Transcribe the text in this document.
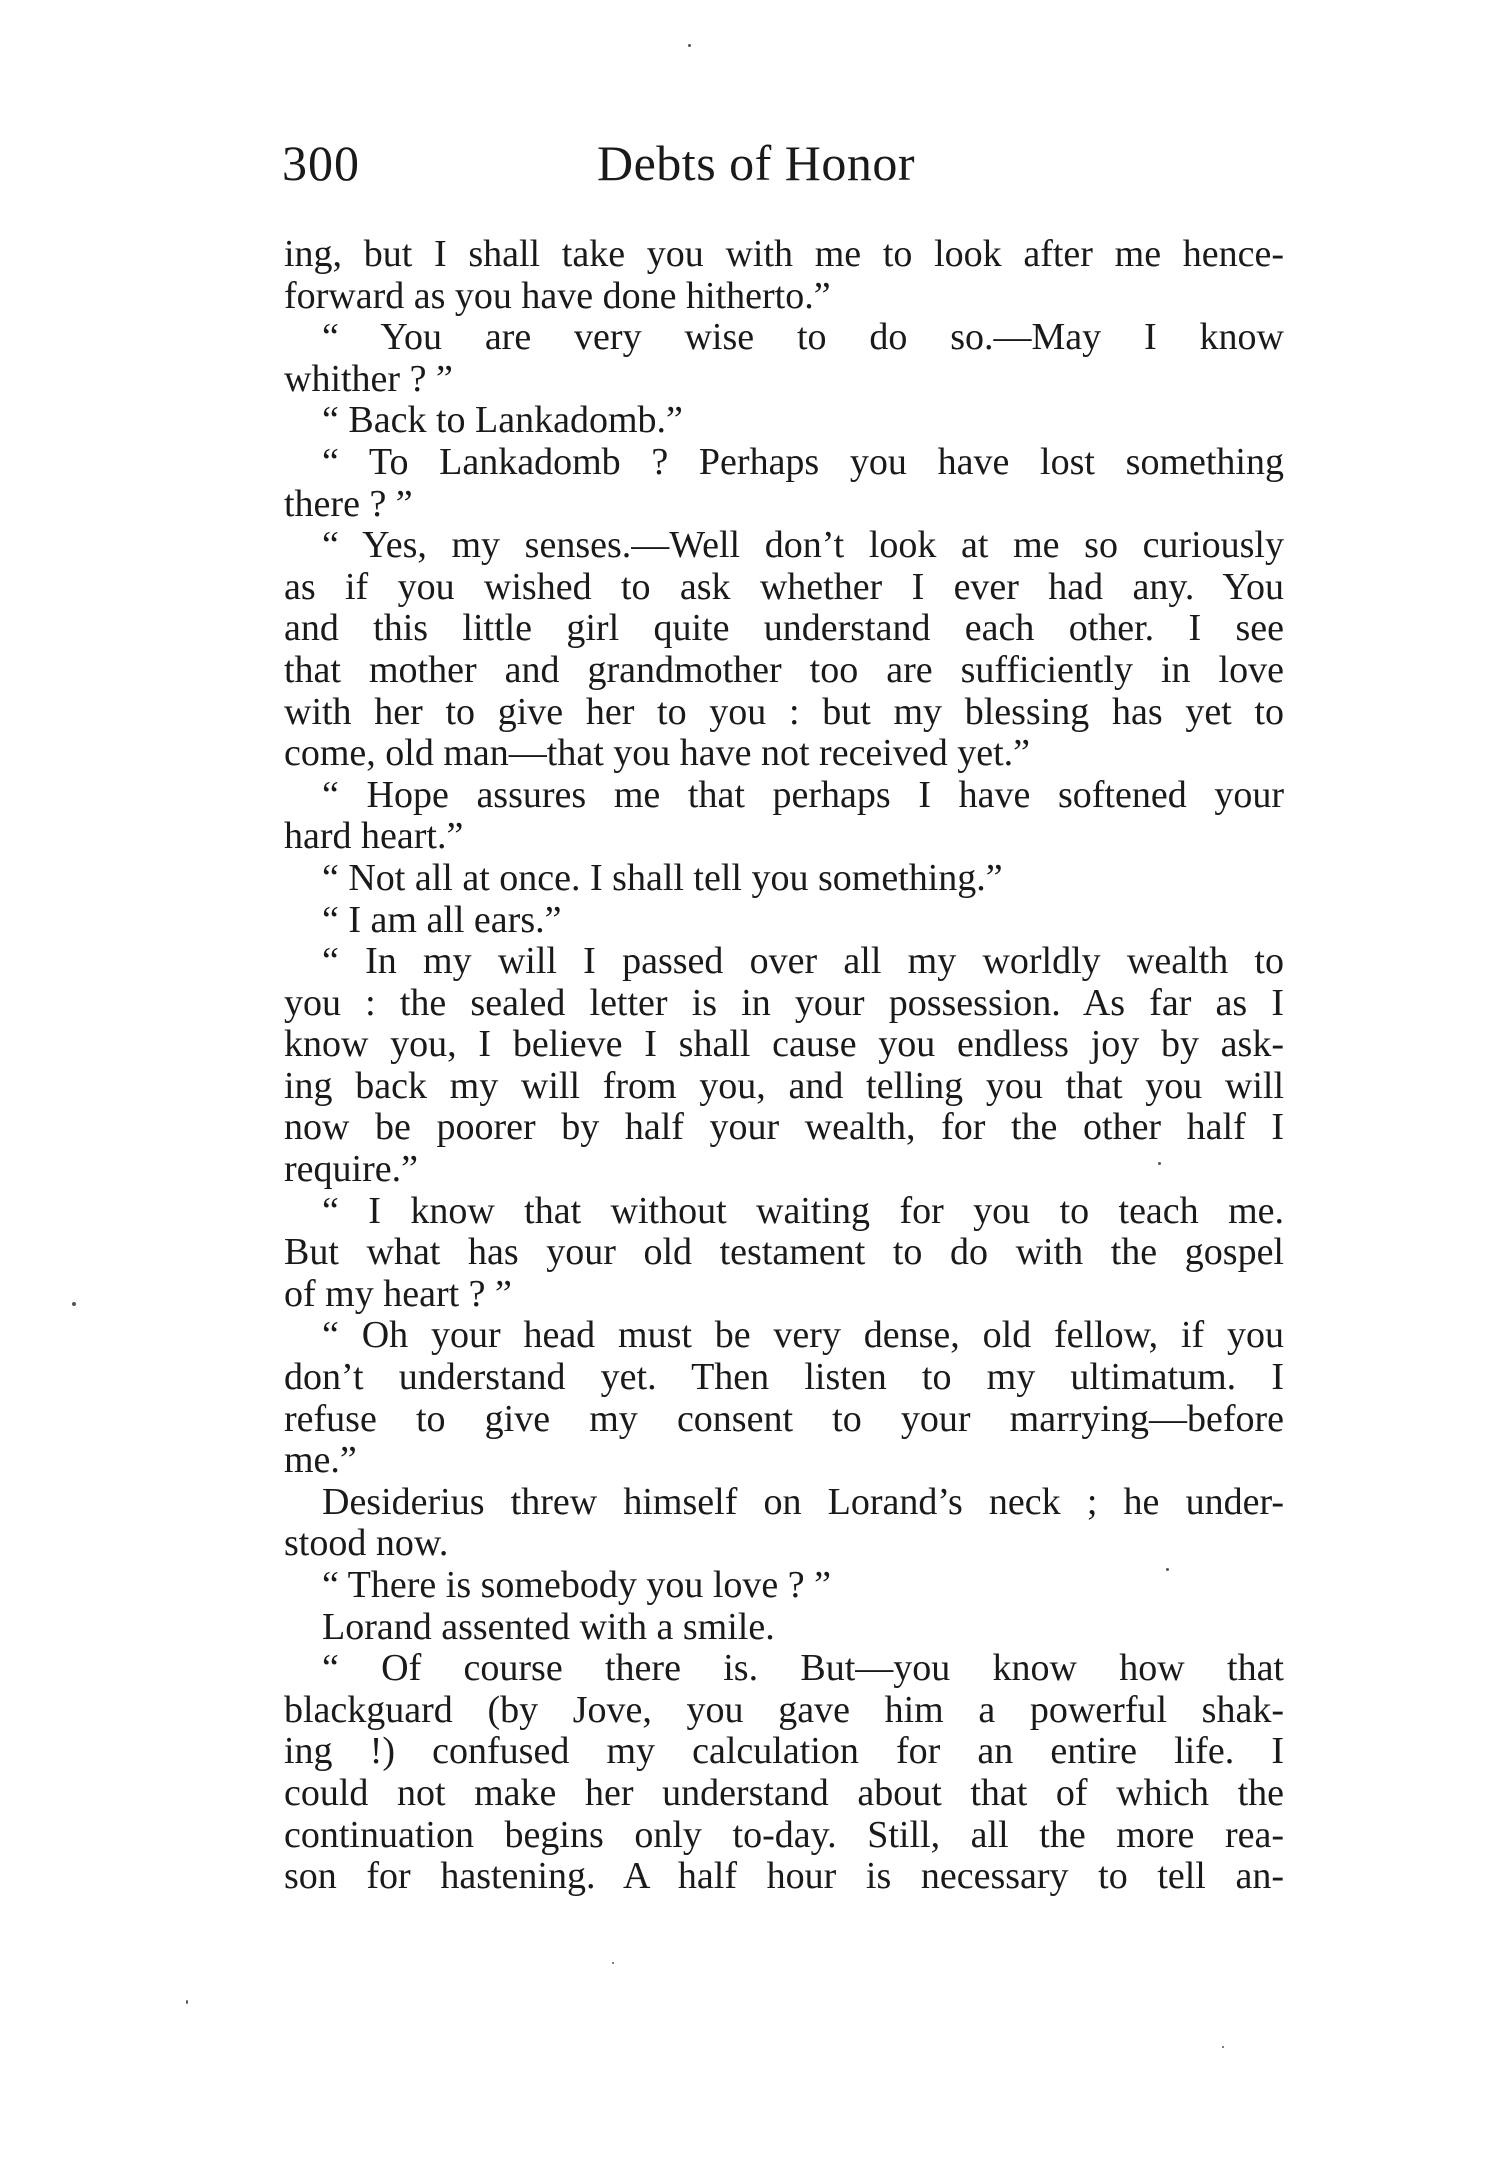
300	Debts of Honor
ing, but I shall take you with me to look after me hence-
forward as you have done hitherto.”
“ You are very wise to do so.—May I know
whither ? ”
“ Back to Lankadomb.”
“ To Lankadomb ? Perhaps you have lost something
there ? ”
“ Yes, my senses.—Well don’t look at me so curiously
as if you wished to ask whether I ever had any. You
and this little girl quite understand each other. I see
that mother and grandmother too are sufficiently in love
with her to give her to you : but my blessing has yet to
come, old man—that you have not received yet.”
“ Hope assures me that perhaps I have softened your
hard heart.”
“ Not all at once. I shall tell you something.”
“ I am all ears.”
“ In my will I passed over all my worldly wealth to
you : the sealed letter is in your possession. As far as I
know you, I believe I shall cause you endless joy by ask-
ing back my will from you, and telling you that you will
now be poorer by half your wealth, for the other half I
require.”
“ I know that without waiting for you to teach me.
But what has your old testament to do with the gospel
of my heart ? ”
“ Oh your head must be very dense, old fellow, if you
don’t understand yet. Then listen to my ultimatum. I
refuse to give my consent to your marrying—before
me.”
Desiderius threw himself on Lorand’s neck ; he under-
stood now.
“ There is somebody you love ? ”
Lorand assented with a smile.
“ Of course there is. But—you know how that
blackguard (by Jove, you gave him a powerful shak-
ing !) confused my calculation for an entire life. I
could not make her understand about that of which the
continuation begins only to-day. Still, all the more rea-
son for hastening. A half hour is necessary to tell an-
